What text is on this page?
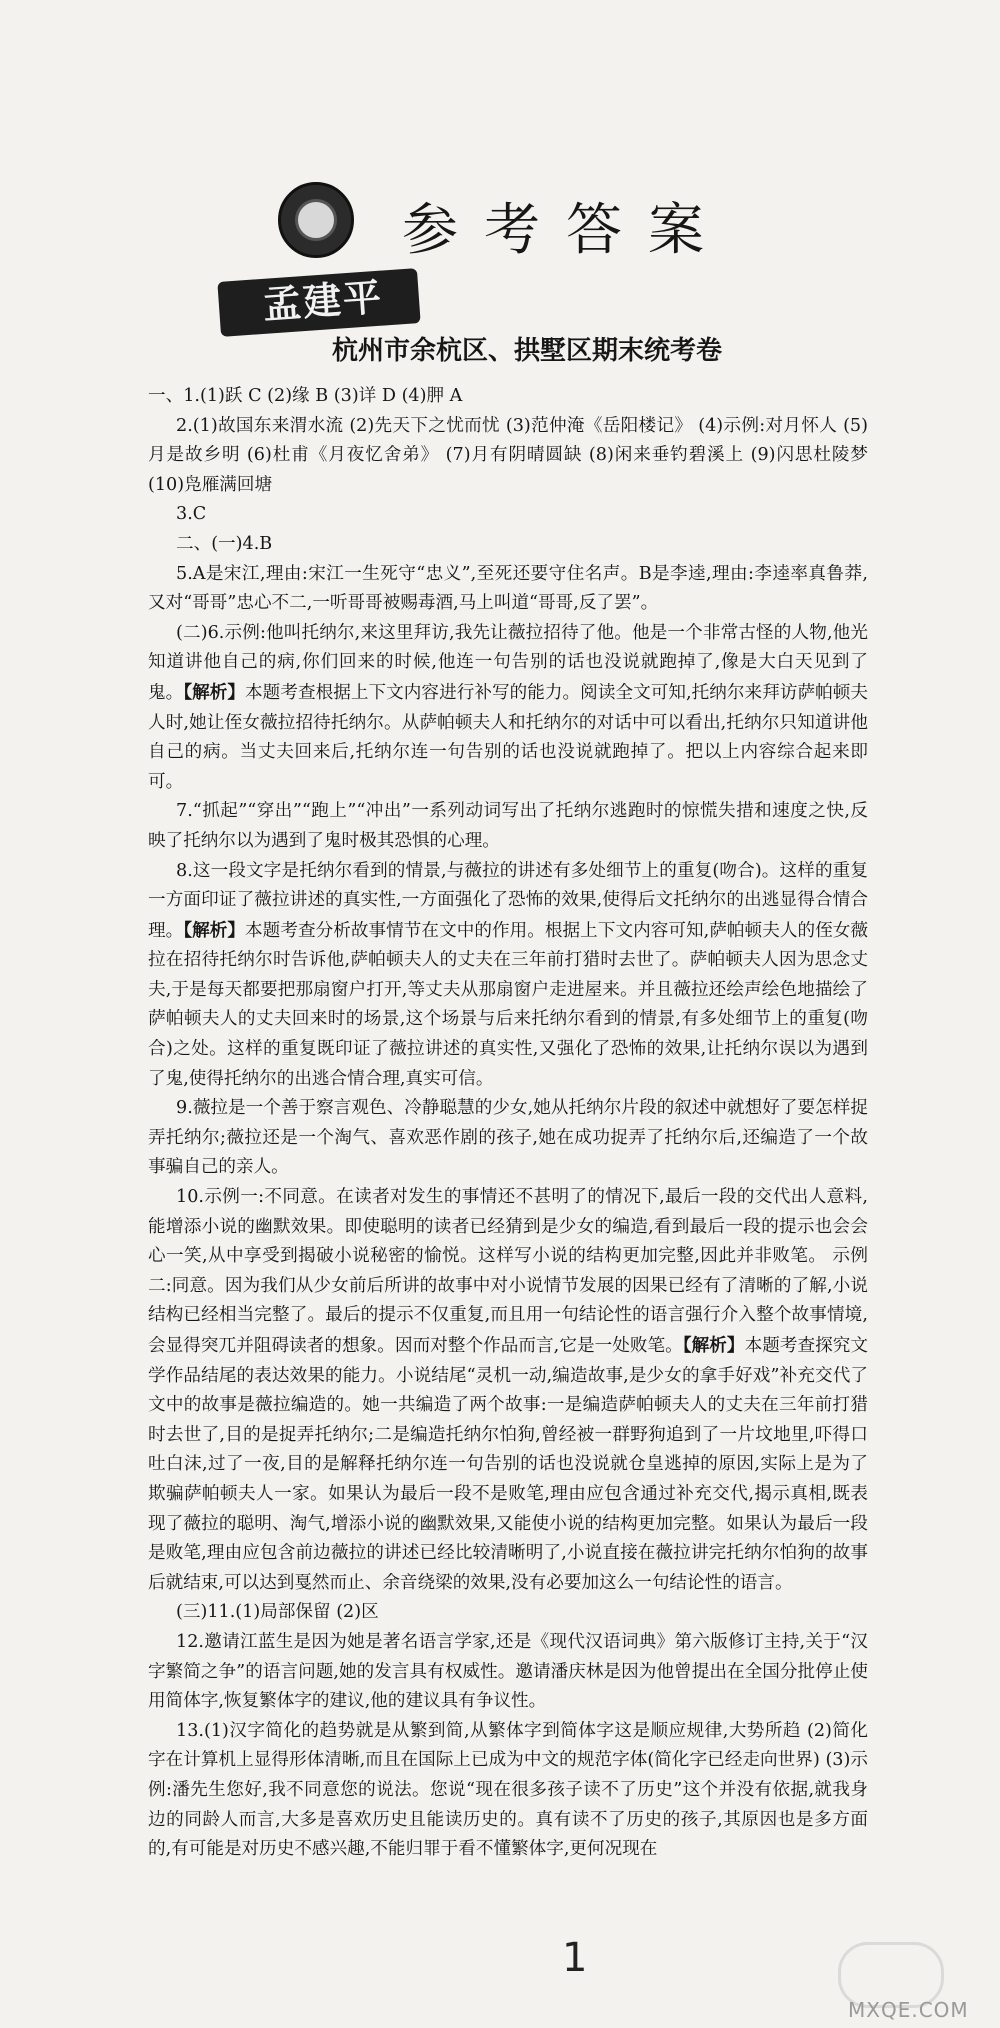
孟建平
参考答案
杭州市余杭区、拱墅区期末统考卷

一、1.(1)跃 C (2)缘 B (3)详 D (4)胛 A

2.(1)故国东来渭水流 (2)先天下之忧而忧 (3)范仲淹《岳阳楼记》 (4)示例:对月怀人 (5)月是故乡明 (6)杜甫《月夜忆舍弟》 (7)月有阴晴圆缺 (8)闲来垂钓碧溪上 (9)闪思杜陵梦 (10)凫雁满回塘

3.C

二、(一)4.B

5.A是宋江,理由:宋江一生死守“忠义”,至死还要守住名声。B是李逵,理由:李逵率真鲁莽,又对“哥哥”忠心不二,一听哥哥被赐毒酒,马上叫道“哥哥,反了罢”。

(二)6.示例:他叫托纳尔,来这里拜访,我先让薇拉招待了他。他是一个非常古怪的人物,他光知道讲他自己的病,你们回来的时候,他连一句告别的话也没说就跑掉了,像是大白天见到了鬼。【解析】本题考查根据上下文内容进行补写的能力。阅读全文可知,托纳尔来拜访萨帕顿夫人时,她让侄女薇拉招待托纳尔。从萨帕顿夫人和托纳尔的对话中可以看出,托纳尔只知道讲他自己的病。当丈夫回来后,托纳尔连一句告别的话也没说就跑掉了。把以上内容综合起来即可。

7.“抓起”“穿出”“跑上”“冲出”一系列动词写出了托纳尔逃跑时的惊慌失措和速度之快,反映了托纳尔以为遇到了鬼时极其恐惧的心理。

8.这一段文字是托纳尔看到的情景,与薇拉的讲述有多处细节上的重复(吻合)。这样的重复一方面印证了薇拉讲述的真实性,一方面强化了恐怖的效果,使得后文托纳尔的出逃显得合情合理。【解析】本题考查分析故事情节在文中的作用。根据上下文内容可知,萨帕顿夫人的侄女薇拉在招待托纳尔时告诉他,萨帕顿夫人的丈夫在三年前打猎时去世了。萨帕顿夫人因为思念丈夫,于是每天都要把那扇窗户打开,等丈夫从那扇窗户走进屋来。并且薇拉还绘声绘色地描绘了萨帕顿夫人的丈夫回来时的场景,这个场景与后来托纳尔看到的情景,有多处细节上的重复(吻合)之处。这样的重复既印证了薇拉讲述的真实性,又强化了恐怖的效果,让托纳尔误以为遇到了鬼,使得托纳尔的出逃合情合理,真实可信。

9.薇拉是一个善于察言观色、冷静聪慧的少女,她从托纳尔片段的叙述中就想好了要怎样捉弄托纳尔;薇拉还是一个淘气、喜欢恶作剧的孩子,她在成功捉弄了托纳尔后,还编造了一个故事骗自己的亲人。

10.示例一:不同意。在读者对发生的事情还不甚明了的情况下,最后一段的交代出人意料,能增添小说的幽默效果。即使聪明的读者已经猜到是少女的编造,看到最后一段的提示也会会心一笑,从中享受到揭破小说秘密的愉悦。这样写小说的结构更加完整,因此并非败笔。 示例二:同意。因为我们从少女前后所讲的故事中对小说情节发展的因果已经有了清晰的了解,小说结构已经相当完整了。最后的提示不仅重复,而且用一句结论性的语言强行介入整个故事情境,会显得突兀并阻碍读者的想象。因而对整个作品而言,它是一处败笔。【解析】本题考查探究文学作品结尾的表达效果的能力。小说结尾“灵机一动,编造故事,是少女的拿手好戏”补充交代了文中的故事是薇拉编造的。她一共编造了两个故事:一是编造萨帕顿夫人的丈夫在三年前打猎时去世了,目的是捉弄托纳尔;二是编造托纳尔怕狗,曾经被一群野狗追到了一片坟地里,吓得口吐白沫,过了一夜,目的是解释托纳尔连一句告别的话也没说就仓皇逃掉的原因,实际上是为了欺骗萨帕顿夫人一家。如果认为最后一段不是败笔,理由应包含通过补充交代,揭示真相,既表现了薇拉的聪明、淘气,增添小说的幽默效果,又能使小说的结构更加完整。如果认为最后一段是败笔,理由应包含前边薇拉的讲述已经比较清晰明了,小说直接在薇拉讲完托纳尔怕狗的故事后就结束,可以达到戛然而止、余音绕梁的效果,没有必要加这么一句结论性的语言。

(三)11.(1)局部保留 (2)区

12.邀请江蓝生是因为她是著名语言学家,还是《现代汉语词典》第六版修订主持,关于“汉字繁简之争”的语言问题,她的发言具有权威性。邀请潘庆林是因为他曾提出在全国分批停止使用简体字,恢复繁体字的建议,他的建议具有争议性。

13.(1)汉字简化的趋势就是从繁到简,从繁体字到简体字这是顺应规律,大势所趋 (2)简化字在计算机上显得形体清晰,而且在国际上已成为中文的规范字体(简化字已经走向世界) (3)示例:潘先生您好,我不同意您的说法。您说“现在很多孩子读不了历史”这个并没有依据,就我身边的同龄人而言,大多是喜欢历史且能读历史的。真有读不了历史的孩子,其原因也是多方面的,有可能是对历史不感兴趣,不能归罪于看不懂繁体字,更何况现在

1
MXQE.COM
